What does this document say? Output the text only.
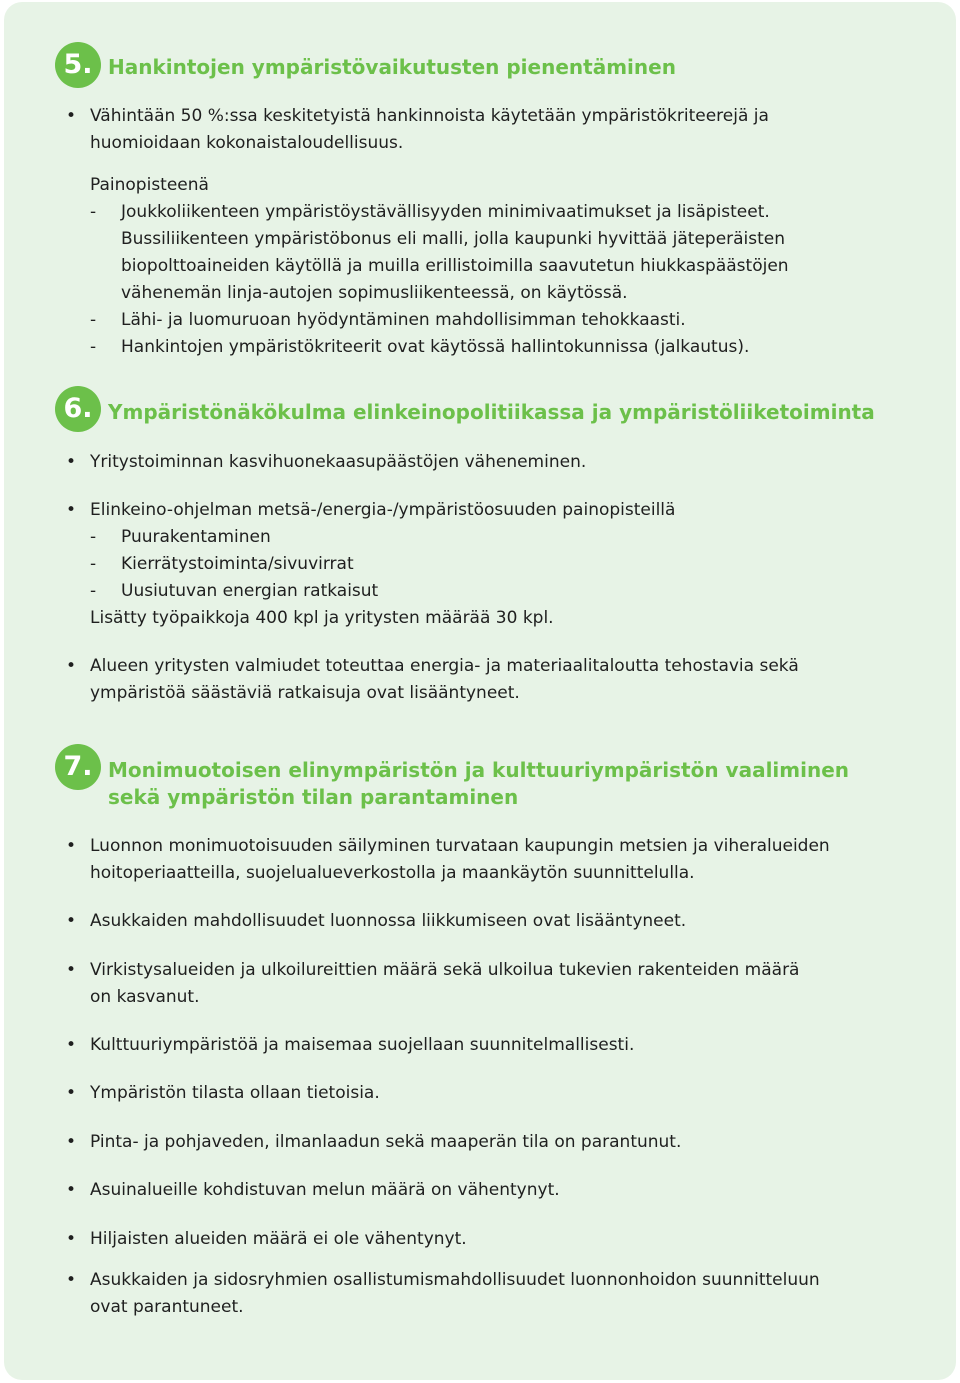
5. Hankintojen ympäristövaikutusten pienentäminen
• Vähintään 50 %:ssa keskitetyistä hankinnoista käytetään ympäristökriteerejä ja

huomioidaan kokonaistaloudellisuus.

Painopisteenä

- Joukkoliikenteen ympäristöystävällisyyden minimivaatimukset ja lisäpisteet.

Bussiliikenteen ympäristöbonus eli malli, jolla kaupunki hyvittää jäteperäisten

biopolttoaineiden käytöllä ja muilla erillistoimilla saavutetun hiukkaspäästöjen

vähenemän linja-autojen sopimusliikenteessä, on käytössä.

- Lähi- ja luomuruoan hyödyntäminen mahdollisimman tehokkaasti.

- Hankintojen ympäristökriteerit ovat käytössä hallintokunnissa (jalkautus).

6. Ympäristönäkökulma elinkeinopolitiikassa ja ympäristöliiketoiminta
• Yritystoiminnan kasvihuonekaasupäästöjen väheneminen.

• Elinkeino-ohjelman metsä-/energia-/ympäristöosuuden painopisteillä

- Puurakentaminen

- Kierrätystoiminta/sivuvirrat

- Uusiutuvan energian ratkaisut

Lisätty työpaikkoja 400 kpl ja yritysten määrää 30 kpl.

• Alueen yritysten valmiudet toteuttaa energia- ja materiaalitaloutta tehostavia sekä

ympäristöä säästäviä ratkaisuja ovat lisääntyneet.

7. Monimuotoisen elinympäristön ja kulttuuriympäristön vaaliminen
sekä ympäristön tilan parantaminen
• Luonnon monimuotoisuuden säilyminen turvataan kaupungin metsien ja viheralueiden

hoitoperiaatteilla, suojelualueverkostolla ja maankäytön suunnittelulla.

• Asukkaiden mahdollisuudet luonnossa liikkumiseen ovat lisääntyneet.

• Virkistysalueiden ja ulkoilureittien määrä sekä ulkoilua tukevien rakenteiden määrä

on kasvanut.

• Kulttuuriympäristöä ja maisemaa suojellaan suunnitelmallisesti.

• Ympäristön tilasta ollaan tietoisia.

• Pinta- ja pohjaveden, ilmanlaadun sekä maaperän tila on parantunut.

• Asuinalueille kohdistuvan melun määrä on vähentynyt.

• Hiljaisten alueiden määrä ei ole vähentynyt.

• Asukkaiden ja sidosryhmien osallistumismahdollisuudet luonnonhoidon suunnitteluun

ovat parantuneet.
